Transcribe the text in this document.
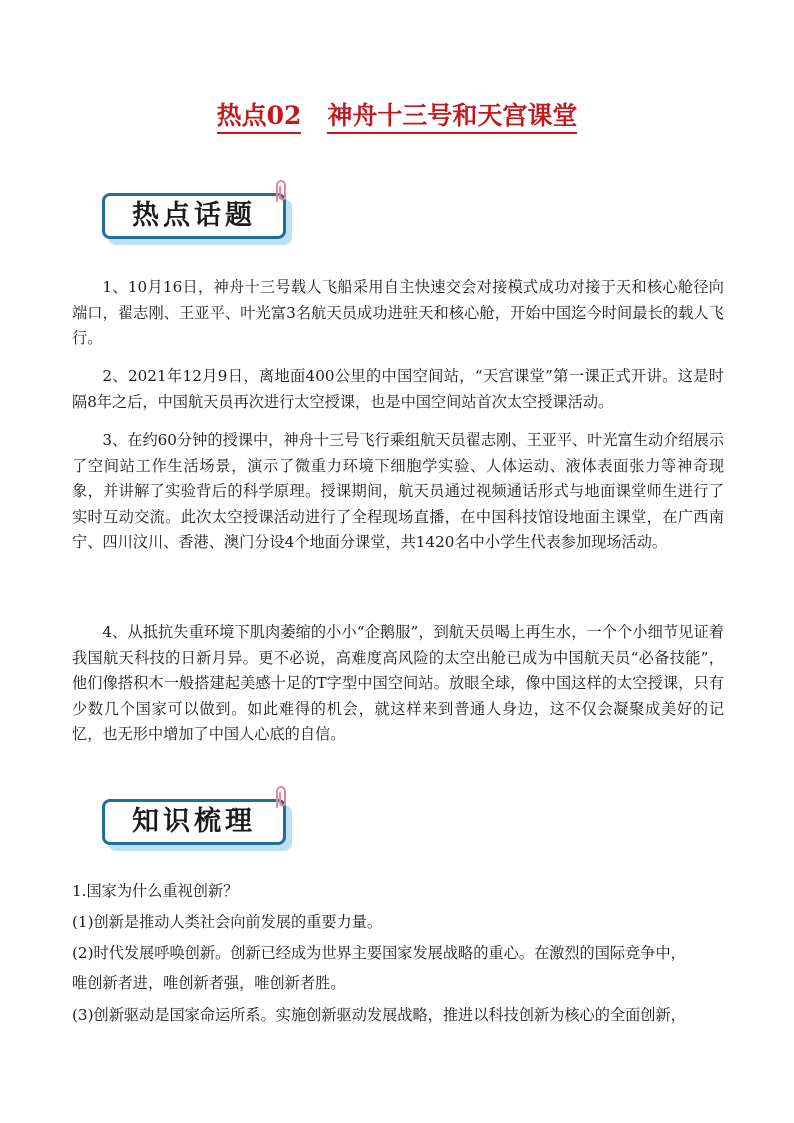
热点02 神舟十三号和天宫课堂
热点话题

1、10月16日，神舟十三号载人飞船采用自主快速交会对接模式成功对接于天和核心舱径向端口，翟志刚、王亚平、叶光富3名航天员成功进驻天和核心舱，开始中国迄今时间最长的载人飞行。

2、2021年12月9日，离地面400公里的中国空间站，“天宫课堂”第一课正式开讲。这是时隔8年之后，中国航天员再次进行太空授课，也是中国空间站首次太空授课活动。

3、在约60分钟的授课中，神舟十三号飞行乘组航天员翟志刚、王亚平、叶光富生动介绍展示了空间站工作生活场景，演示了微重力环境下细胞学实验、人体运动、液体表面张力等神奇现象，并讲解了实验背后的科学原理。授课期间，航天员通过视频通话形式与地面课堂师生进行了实时互动交流。此次太空授课活动进行了全程现场直播，在中国科技馆设地面主课堂，在广西南宁、四川汶川、香港、澳门分设4个地面分课堂，共1420名中小学生代表参加现场活动。

4、从抵抗失重环境下肌肉萎缩的小小“企鹅服”，到航天员喝上再生水，一个个小细节见证着我国航天科技的日新月异。更不必说，高难度高风险的太空出舱已成为中国航天员“必备技能”，他们像搭积木一般搭建起美感十足的T字型中国空间站。放眼全球，像中国这样的太空授课，只有少数几个国家可以做到。如此难得的机会，就这样来到普通人身边，这不仅会凝聚成美好的记忆，也无形中增加了中国人心底的自信。

知识梳理

1.国家为什么重视创新？

(1)创新是推动人类社会向前发展的重要力量。

(2)时代发展呼唤创新。创新已经成为世界主要国家发展战略的重心。在激烈的国际竞争中，

唯创新者进，唯创新者强，唯创新者胜。

(3)创新驱动是国家命运所系。实施创新驱动发展战略，推进以科技创新为核心的全面创新，
